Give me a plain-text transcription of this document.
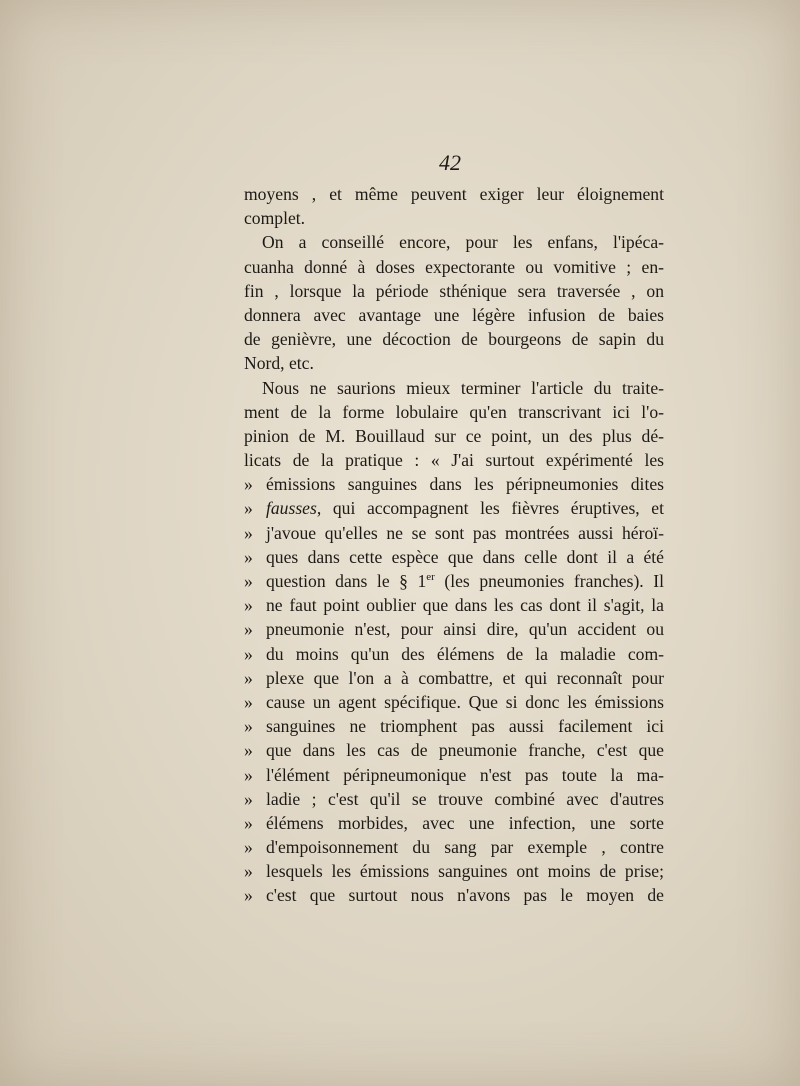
42
moyens , et même peuvent exiger leur éloignement
complet.
On a conseillé encore, pour les enfans, l'ipéca-
cuanha donné à doses expectorante ou vomitive ; en-
fin , lorsque la période sthénique sera traversée , on
donnera avec avantage une légère infusion de baies
de genièvre, une décoction de bourgeons de sapin du
Nord, etc.
Nous ne saurions mieux terminer l'article du traite-
ment de la forme lobulaire qu'en transcrivant ici l'o-
pinion de M. Bouillaud sur ce point, un des plus dé-
licats de la pratique : « J'ai surtout expérimenté les
» émissions sanguines dans les péripneumonies dites
» fausses, qui accompagnent les fièvres éruptives, et
» j'avoue qu'elles ne se sont pas montrées aussi héroï-
» ques dans cette espèce que dans celle dont il a été
» question dans le § 1er (les pneumonies franches). Il
» ne faut point oublier que dans les cas dont il s'agit, la
» pneumonie n'est, pour ainsi dire, qu'un accident ou
» du moins qu'un des élémens de la maladie com-
» plexe que l'on a à combattre, et qui reconnaît pour
» cause un agent spécifique. Que si donc les émissions
» sanguines ne triomphent pas aussi facilement ici
» que dans les cas de pneumonie franche, c'est que
» l'élément péripneumonique n'est pas toute la ma-
» ladie ; c'est qu'il se trouve combiné avec d'autres
» élémens morbides, avec une infection, une sorte
» d'empoisonnement du sang par exemple , contre
» lesquels les émissions sanguines ont moins de prise;
» c'est que surtout nous n'avons pas le moyen de
